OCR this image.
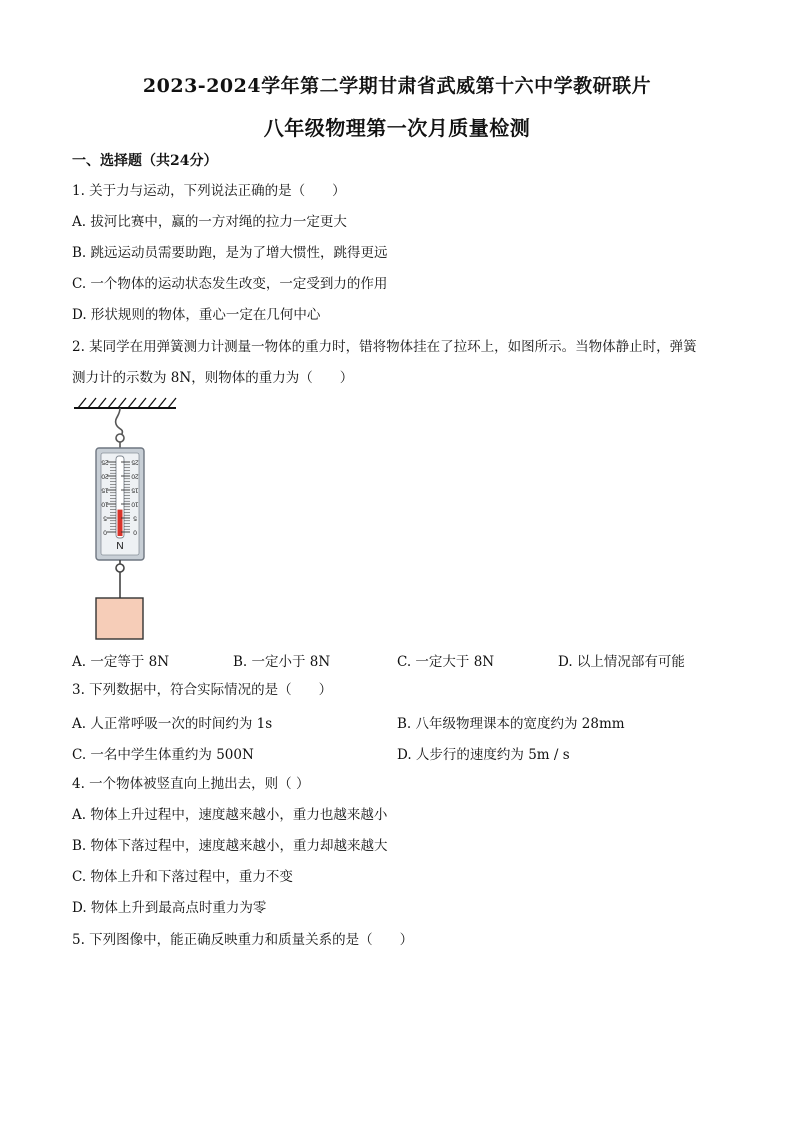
2023-2024学年第二学期甘肃省武威第十六中学教研联片
八年级物理第一次月质量检测
一、选择题（共24分）
1. 关于力与运动，下列说法正确的是（　　）
A. 拔河比赛中，赢的一方对绳的拉力一定更大
B. 跳远运动员需要助跑，是为了增大惯性，跳得更远
C. 一个物体的运动状态发生改变，一定受到力的作用
D. 形状规则的物体，重心一定在几何中心
2. 某同学在用弹簧测力计测量一物体的重力时，错将物体挂在了拉环上，如图所示。当物体静止时，弹簧
测力计的示数为 8N，则物体的重力为（　　）
0	0
5	5
10	10
15	15
20	20
25	25
N
A. 一定等于 8N	B. 一定小于 8N	C. 一定大于 8N	D. 以上情况部有可能
3. 下列数据中，符合实际情况的是（　　）
A. 人正常呼吸一次的时间约为 1s	B. 八年级物理课本的宽度约为 28mm
C. 一名中学生体重约为 500N	D. 人步行的速度约为 5m / s
4. 一个物体被竖直向上抛出去，则（ ）
A. 物体上升过程中，速度越来越小，重力也越来越小
B. 物体下落过程中，速度越来越小，重力却越来越大
C. 物体上升和下落过程中，重力不变
D. 物体上升到最高点时重力为零
5. 下列图像中，能正确反映重力和质量关系的是（　　）
